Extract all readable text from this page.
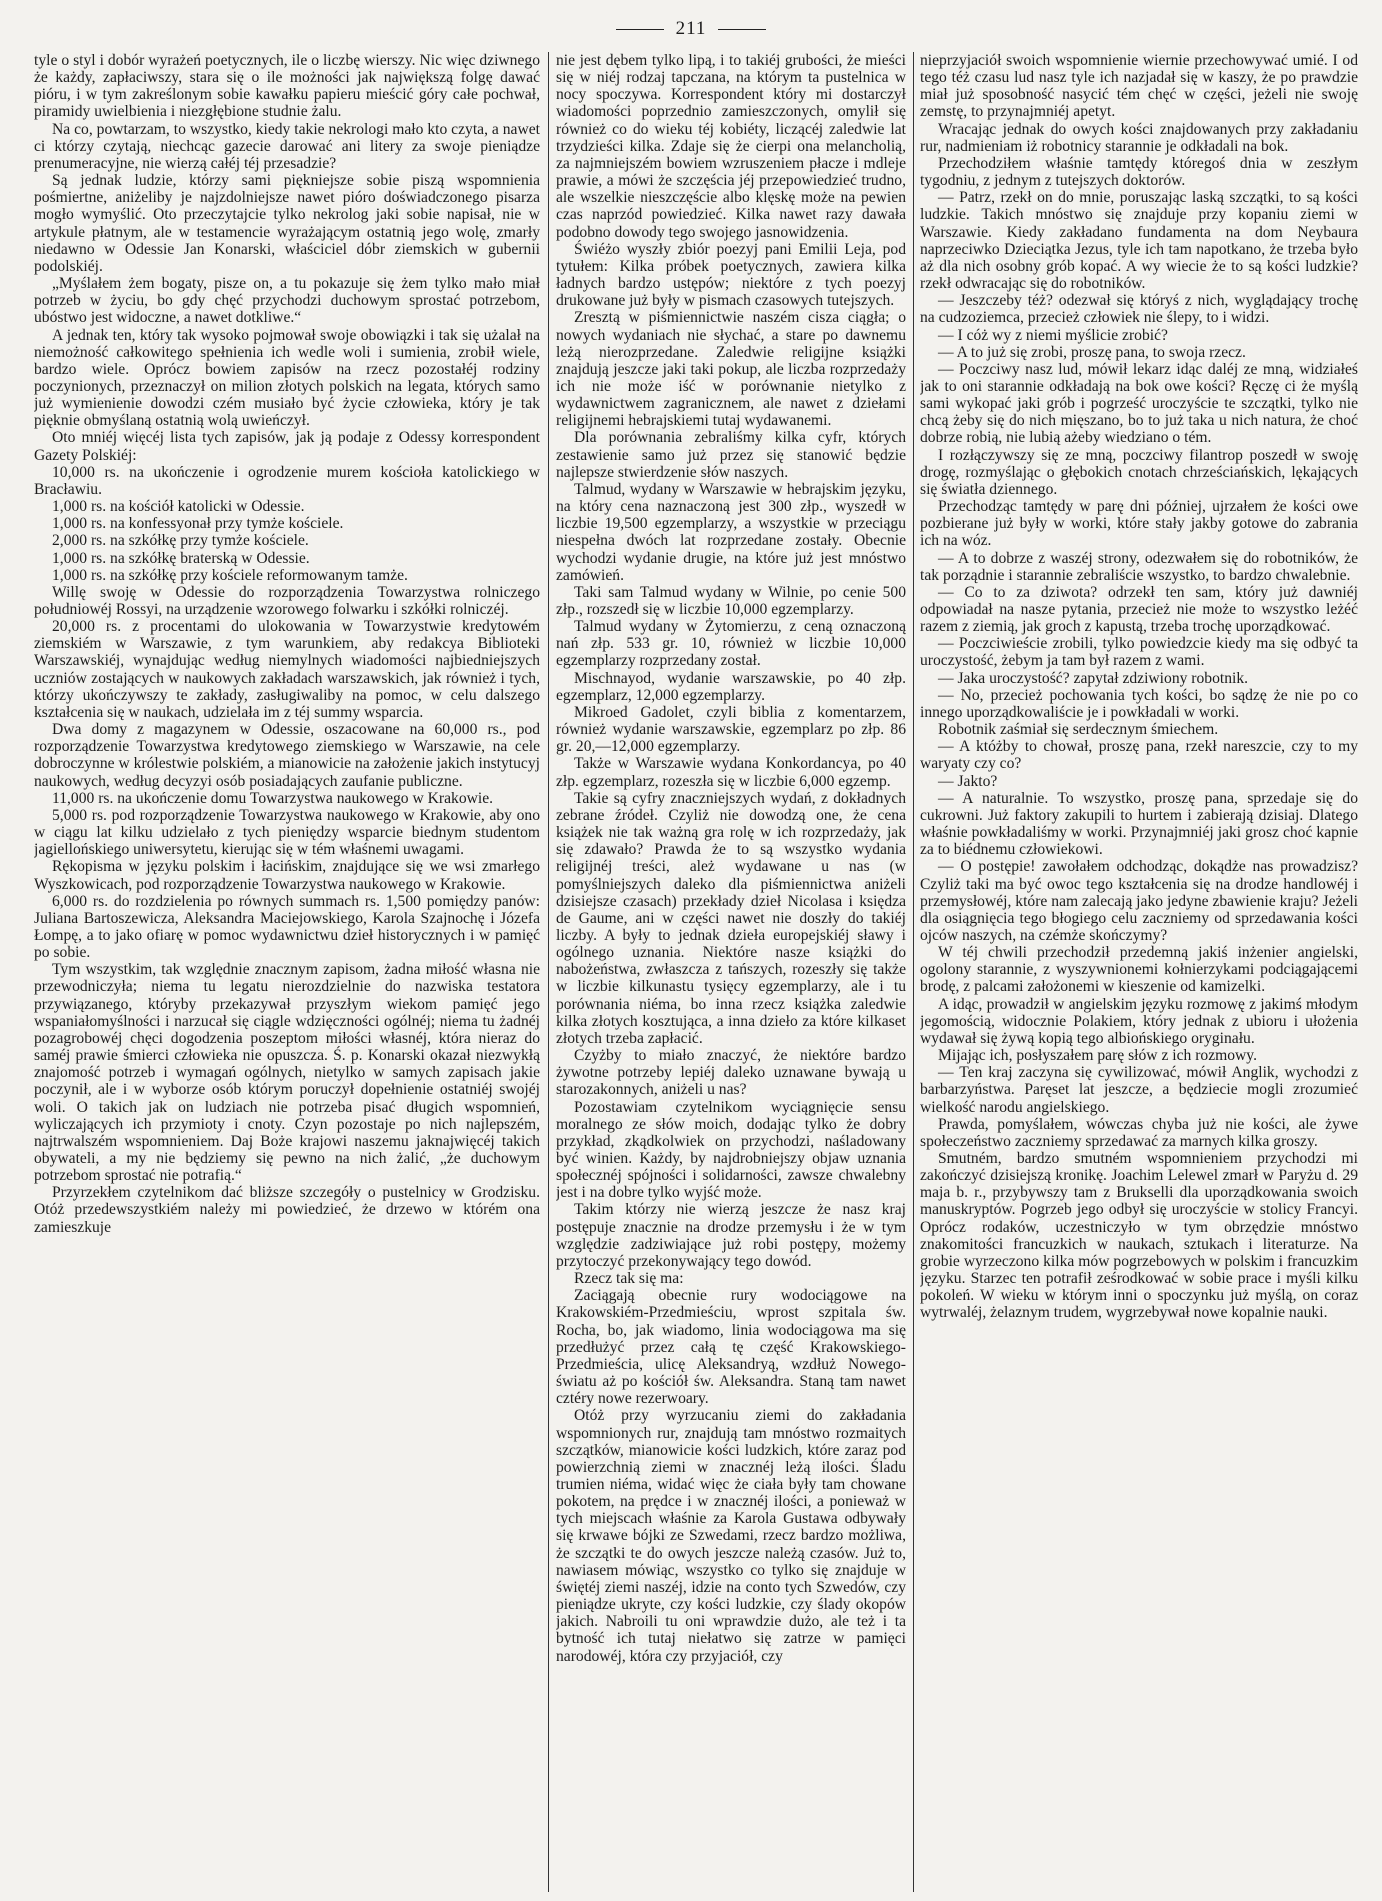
211

tyle o styl i dobór wyrażeń poetycznych, ile o liczbę wierszy. Nic więc dziwnego że każdy, zapłaciwszy, stara się o ile możności jak największą folgę dawać pióru, i w tym zakreślonym sobie kawałku papieru mieścić góry całe pochwał, piramidy uwielbienia i niezgłębione studnie żalu.

Na co, powtarzam, to wszystko, kiedy takie nekrologi mało kto czyta, a nawet ci którzy czytają, niechcąc gazecie darować ani litery za swoje pieniądze prenumeracyjne, nie wierzą całéj téj przesadzie?

Są jednak ludzie, którzy sami piękniejsze sobie piszą wspomnienia pośmiertne, aniżeliby je najzdolniejsze nawet pióro doświadczonego pisarza mogło wymyślić. Oto przeczytajcie tylko nekrolog jaki sobie napisał, nie w artykule płatnym, ale w testamencie wyrażającym ostatnią jego wolę, zmarły niedawno w Odessie Jan Konarski, właściciel dóbr ziemskich w gubernii podolskiéj.

„Myślałem żem bogaty, pisze on, a tu pokazuje się żem tylko mało miał potrzeb w życiu, bo gdy chęć przychodzi duchowym sprostać potrzebom, ubóstwo jest widoczne, a nawet dotkliwe.“

A jednak ten, który tak wysoko pojmował swoje obowiązki i tak się użalał na niemożność całkowitego spełnienia ich wedle woli i sumienia, zrobił wiele, bardzo wiele. Oprócz bowiem zapisów na rzecz pozostałéj rodziny poczynionych, przeznaczył on milion złotych polskich na legata, których samo już wymienienie dowodzi czém musiało być życie człowieka, który je tak pięknie obmyślaną ostatnią wolą uwieńczył.

Oto mniéj więcéj lista tych zapisów, jak ją podaje z Odessy korrespondent Gazety Polskiéj:

10,000 rs. na ukończenie i ogrodzenie murem kościoła katolickiego w Bracławiu.

1,000 rs. na kościół katolicki w Odessie.

1,000 rs. na konfessyonał przy tymże kościele.

2,000 rs. na szkółkę przy tymże kościele.

1,000 rs. na szkółkę braterską w Odessie.

1,000 rs. na szkółkę przy kościele reformowanym tamże.

Willę swoję w Odessie do rozporządzenia Towarzystwa rolniczego południowéj Rossyi, na urządzenie wzorowego folwarku i szkółki rolniczéj.

20,000 rs. z procentami do ulokowania w Towarzystwie kredytowém ziemskiém w Warszawie, z tym warunkiem, aby redakcya Biblioteki Warszawskiéj, wynajdując według niemylnych wiadomości najbiedniejszych uczniów zostających w naukowych zakładach warszawskich, jak również i tych, którzy ukończywszy te zakłady, zasługiwaliby na pomoc, w celu dalszego kształcenia się w naukach, udzielała im z téj summy wsparcia.

Dwa domy z magazynem w Odessie, oszacowane na 60,000 rs., pod rozporządzenie Towarzystwa kredytowego ziemskiego w Warszawie, na cele dobroczynne w królestwie polskiém, a mianowicie na założenie jakich instytucyj naukowych, według decyzyi osób posiadających zaufanie publiczne.

11,000 rs. na ukończenie domu Towarzystwa naukowego w Krakowie.

5,000 rs. pod rozporządzenie Towarzystwa naukowego w Krakowie, aby ono w ciągu lat kilku udzielało z tych pieniędzy wsparcie biednym studentom jagiellońskiego uniwersytetu, kierując się w tém właśnemi uwagami.

Rękopisma w języku polskim i łacińskim, znajdujące się we wsi zmarłego Wyszkowicach, pod rozporządzenie Towarzystwa naukowego w Krakowie.

6,000 rs. do rozdzielenia po równych summach rs. 1,500 pomiędzy panów: Juliana Bartoszewicza, Aleksandra Maciejowskiego, Karola Szajnochę i Józefa Łompę, a to jako ofiarę w pomoc wydawnictwu dzieł historycznych i w pamięć po sobie.

Tym wszystkim, tak względnie znacznym zapisom, żadna miłość własna nie przewodniczyła; niema tu legatu nierozdzielnie do nazwiska testatora przywiązanego, któryby przekazywał przyszłym wiekom pamięć jego wspaniałomyślności i narzucał się ciągle wdzięczności ogólnéj; niema tu żadnéj pozagrobowéj chęci dogodzenia poszeptom miłości własnéj, która nieraz do saméj prawie śmierci człowieka nie opuszcza. Ś. p. Konarski okazał niezwykłą znajomość potrzeb i wymagań ogólnych, nietylko w samych zapisach jakie poczynił, ale i w wyborze osób którym poruczył dopełnienie ostatniéj swojéj woli. O takich jak on ludziach nie potrzeba pisać długich wspomnień, wyliczających ich przymioty i cnoty. Czyn pozostaje po nich najlepszém, najtrwalszém wspomnieniem. Daj Boże krajowi naszemu jaknajwięcéj takich obywateli, a my nie będziemy się pewno na nich żalić, „że duchowym potrzebom sprostać nie potrafią.“

Przyrzekłem czytelnikom dać bliższe szczegóły o pustelnicy w Grodzisku. Otóż przedewszystkiém należy mi powiedzieć, że drzewo w którém ona zamieszkuje

nie jest dębem tylko lipą, i to takiéj grubości, że mieści się w niéj rodzaj tapczana, na którym ta pustelnica w nocy spoczywa. Korrespondent który mi dostarczył wiadomości poprzednio zamieszczonych, omylił się również co do wieku téj kobiéty, liczącéj zaledwie lat trzydzieści kilka. Zdaje się że cierpi ona melancholią, za najmniejszém bowiem wzruszeniem płacze i mdleje prawie, a mówi że szczęścia jéj przepowiedzieć trudno, ale wszelkie nieszczęście albo klęskę może na pewien czas naprzód powiedzieć. Kilka nawet razy dawała podobno dowody tego swojego jasnowidzenia.

Świéżo wyszły zbiór poezyj pani Emilii Leja, pod tytułem: Kilka próbek poetycznych, zawiera kilka ładnych bardzo ustępów; niektóre z tych poezyj drukowane już były w pismach czasowych tutejszych.

Zresztą w piśmiennictwie naszém cisza ciągła; o nowych wydaniach nie słychać, a stare po dawnemu leżą nierozprzedane. Zaledwie religijne książki znajdują jeszcze jaki taki pokup, ale liczba rozprzedaży ich nie może iść w porównanie nietylko z wydawnictwem zagranicznem, ale nawet z dziełami religijnemi hebrajskiemi tutaj wydawanemi.

Dla porównania zebraliśmy kilka cyfr, których zestawienie samo już przez się stanowić będzie najlepsze stwierdzenie słów naszych.

Talmud, wydany w Warszawie w hebrajskim języku, na który cena naznaczoną jest 300 złp., wyszedł w liczbie 19,500 egzemplarzy, a wszystkie w przeciągu niespełna dwóch lat rozprzedane zostały. Obecnie wychodzi wydanie drugie, na które już jest mnóstwo zamówień.

Taki sam Talmud wydany w Wilnie, po cenie 500 złp., rozszedł się w liczbie 10,000 egzemplarzy.

Talmud wydany w Żytomierzu, z ceną oznaczoną nań złp. 533 gr. 10, również w liczbie 10,000 egzemplarzy rozprzedany został.

Mischnayod, wydanie warszawskie, po 40 złp. egzemplarz, 12,000 egzemplarzy.

Mikroed Gadolet, czyli biblia z komentarzem, również wydanie warszawskie, egzemplarz po złp. 86 gr. 20,—12,000 egzemplarzy.

Także w Warszawie wydana Konkordancya, po 40 złp. egzemplarz, rozeszła się w liczbie 6,000 egzemp.

Takie są cyfry znaczniejszych wydań, z dokładnych zebrane źródeł. Czyliż nie dowodzą one, że cena książek nie tak ważną gra rolę w ich rozprzedaży, jak się zdawało? Prawda że to są wszystko wydania religijnéj treści, ależ wydawane u nas (w pomyślniejszych daleko dla piśmiennictwa aniżeli dzisiejsze czasach) przekłady dzieł Nicolasa i księdza de Gaume, ani w części nawet nie doszły do takiéj liczby. A były to jednak dzieła europejskiéj sławy i ogólnego uznania. Niektóre nasze książki do nabożeństwa, zwłaszcza z tańszych, rozeszły się także w liczbie kilkunastu tysięcy egzemplarzy, ale i tu porównania niéma, bo inna rzecz książka zaledwie kilka złotych kosztująca, a inna dzieło za które kilkaset złotych trzeba zapłacić.

Czyżby to miało znaczyć, że niektóre bardzo żywotne potrzeby lepiéj daleko uznawane bywają u starozakonnych, aniżeli u nas?

Pozostawiam czytelnikom wyciągnięcie sensu moralnego ze słów moich, dodając tylko że dobry przykład, zkądkolwiek on przychodzi, naśladowany być winien. Każdy, by najdrobniejszy objaw uznania społecznéj spójności i solidarności, zawsze chwalebny jest i na dobre tylko wyjść może.

Takim którzy nie wierzą jeszcze że nasz kraj postępuje znacznie na drodze przemysłu i że w tym względzie zadziwiające już robi postępy, możemy przytoczyć przekonywający tego dowód.

Rzecz tak się ma:

Zaciągają obecnie rury wodociągowe na Krakowskiém-Przedmieściu, wprost szpitala św. Rocha, bo, jak wiadomo, linia wodociągowa ma się przedłużyć przez całą tę część Krakowskiego-Przedmieścia, ulicę Aleksandryą, wzdłuż Nowego-światu aż po kościół św. Aleksandra. Staną tam nawet cztéry nowe rezerwoary.

Otóż przy wyrzucaniu ziemi do zakładania wspomnionych rur, znajdują tam mnóstwo rozmaitych szczątków, mianowicie kości ludzkich, które zaraz pod powierzchnią ziemi w znacznéj leżą ilości. Śladu trumien niéma, widać więc że ciała były tam chowane pokotem, na prędce i w znacznéj ilości, a ponieważ w tych miejscach właśnie za Karola Gustawa odbywały się krwawe bójki ze Szwedami, rzecz bardzo możliwa, że szczątki te do owych jeszcze należą czasów. Już to, nawiasem mówiąc, wszystko co tylko się znajduje w świętéj ziemi naszéj, idzie na conto tych Szwedów, czy pieniądze ukryte, czy kości ludzkie, czy ślady okopów jakich. Nabroili tu oni wprawdzie dużo, ale też i ta bytność ich tutaj niełatwo się zatrze w pamięci narodowéj, która czy przyjaciół, czy

nieprzyjaciół swoich wspomnienie wiernie przechowywać umié. I od tego téż czasu lud nasz tyle ich nazjadał się w kaszy, że po prawdzie miał już sposobność nasycić tém chęć w części, jeżeli nie swoję zemstę, to przynajmniéj apetyt.

Wracając jednak do owych kości znajdowanych przy zakładaniu rur, nadmieniam iż robotnicy starannie je odkładali na bok.

Przechodziłem właśnie tamtędy któregoś dnia w zeszłym tygodniu, z jednym z tutejszych doktorów.

— Patrz, rzekł on do mnie, poruszając laską szczątki, to są kości ludzkie. Takich mnóstwo się znajduje przy kopaniu ziemi w Warszawie. Kiedy zakładano fundamenta na dom Neybaura naprzeciwko Dzieciątka Jezus, tyle ich tam napotkano, że trzeba było aż dla nich osobny grób kopać. A wy wiecie że to są kości ludzkie? rzekł odwracając się do robotników.

— Jeszczeby téż? odezwał się któryś z nich, wyglądający trochę na cudzoziemca, przecież człowiek nie ślepy, to i widzi.

— I cóż wy z niemi myślicie zrobić?

— A to już się zrobi, proszę pana, to swoja rzecz.

— Poczciwy nasz lud, mówił lekarz idąc daléj ze mną, widziałeś jak to oni starannie odkładają na bok owe kości? Ręczę ci że myślą sami wykopać jaki grób i pogrześć uroczyście te szczątki, tylko nie chcą żeby się do nich mięszano, bo to już taka u nich natura, że choć dobrze robią, nie lubią ażeby wiedziano o tém.

I rozłączywszy się ze mną, poczciwy filantrop poszedł w swoję drogę, rozmyślając o głębokich cnotach chrześciańskich, lękających się światła dziennego.

Przechodząc tamtędy w parę dni później, ujrzałem że kości owe pozbierane już były w worki, które stały jakby gotowe do zabrania ich na wóz.

— A to dobrze z waszéj strony, odezwałem się do robotników, że tak porządnie i starannie zebraliście wszystko, to bardzo chwalebnie.

— Co to za dziwota? odrzekł ten sam, który już dawniéj odpowiadał na nasze pytania, przecież nie może to wszystko leżéć razem z ziemią, jak groch z kapustą, trzeba trochę uporządkować.

— Poczciwieście zrobili, tylko powiedzcie kiedy ma się odbyć ta uroczystość, żebym ja tam był razem z wami.

— Jaka uroczystość? zapytał zdziwiony robotnik.

— No, przecież pochowania tych kości, bo sądzę że nie po co innego uporządkowaliście je i powkładali w worki.

Robotnik zaśmiał się serdecznym śmiechem.

— A któżby to chował, proszę pana, rzekł nareszcie, czy to my waryaty czy co?

— Jakto?

— A naturalnie. To wszystko, proszę pana, sprzedaje się do cukrowni. Już faktory zakupili to hurtem i zabierają dzisiaj. Dlatego właśnie powkładaliśmy w worki. Przynajmniéj jaki grosz choć kapnie za to biédnemu człowiekowi.

— O postępie! zawołałem odchodząc, dokądże nas prowadzisz? Czyliż taki ma być owoc tego kształcenia się na drodze handlowéj i przemysłowéj, które nam zalecają jako jedyne zbawienie kraju? Jeżeli dla osiągnięcia tego błogiego celu zaczniemy od sprzedawania kości ojców naszych, na czémże skończymy?

W téj chwili przechodził przedemną jakiś inżenier angielski, ogolony starannie, z wyszywnionemi kołnierzykami podciągającemi brodę, z palcami założonemi w kieszenie od kamizelki.

A idąc, prowadził w angielskim języku rozmowę z jakimś młodym jegomością, widocznie Polakiem, który jednak z ubioru i ułożenia wydawał się żywą kopią tego albiońskiego oryginału.

Mijając ich, posłyszałem parę słów z ich rozmowy.

— Ten kraj zaczyna się cywilizować, mówił Anglik, wychodzi z barbarzyństwa. Paręset lat jeszcze, a będziecie mogli zrozumieć wielkość narodu angielskiego.

Prawda, pomyślałem, wówczas chyba już nie kości, ale żywe społeczeństwo zaczniemy sprzedawać za marnych kilka groszy.

Smutném, bardzo smutném wspomnieniem przychodzi mi zakończyć dzisiejszą kronikę. Joachim Lelewel zmarł w Paryżu d. 29 maja b. r., przybywszy tam z Brukselli dla uporządkowania swoich manuskryptów. Pogrzeb jego odbył się uroczyście w stolicy Francyi. Oprócz rodaków, uczestniczyło w tym obrzędzie mnóstwo znakomitości francuzkich w naukach, sztukach i literaturze. Na grobie wyrzeczono kilka mów pogrzebowych w polskim i francuzkim języku. Starzec ten potrafił ześrodkować w sobie prace i myśli kilku pokoleń. W wieku w którym inni o spoczynku już myślą, on coraz wytrwaléj, żelaznym trudem, wygrzebywał nowe kopalnie nauki.
